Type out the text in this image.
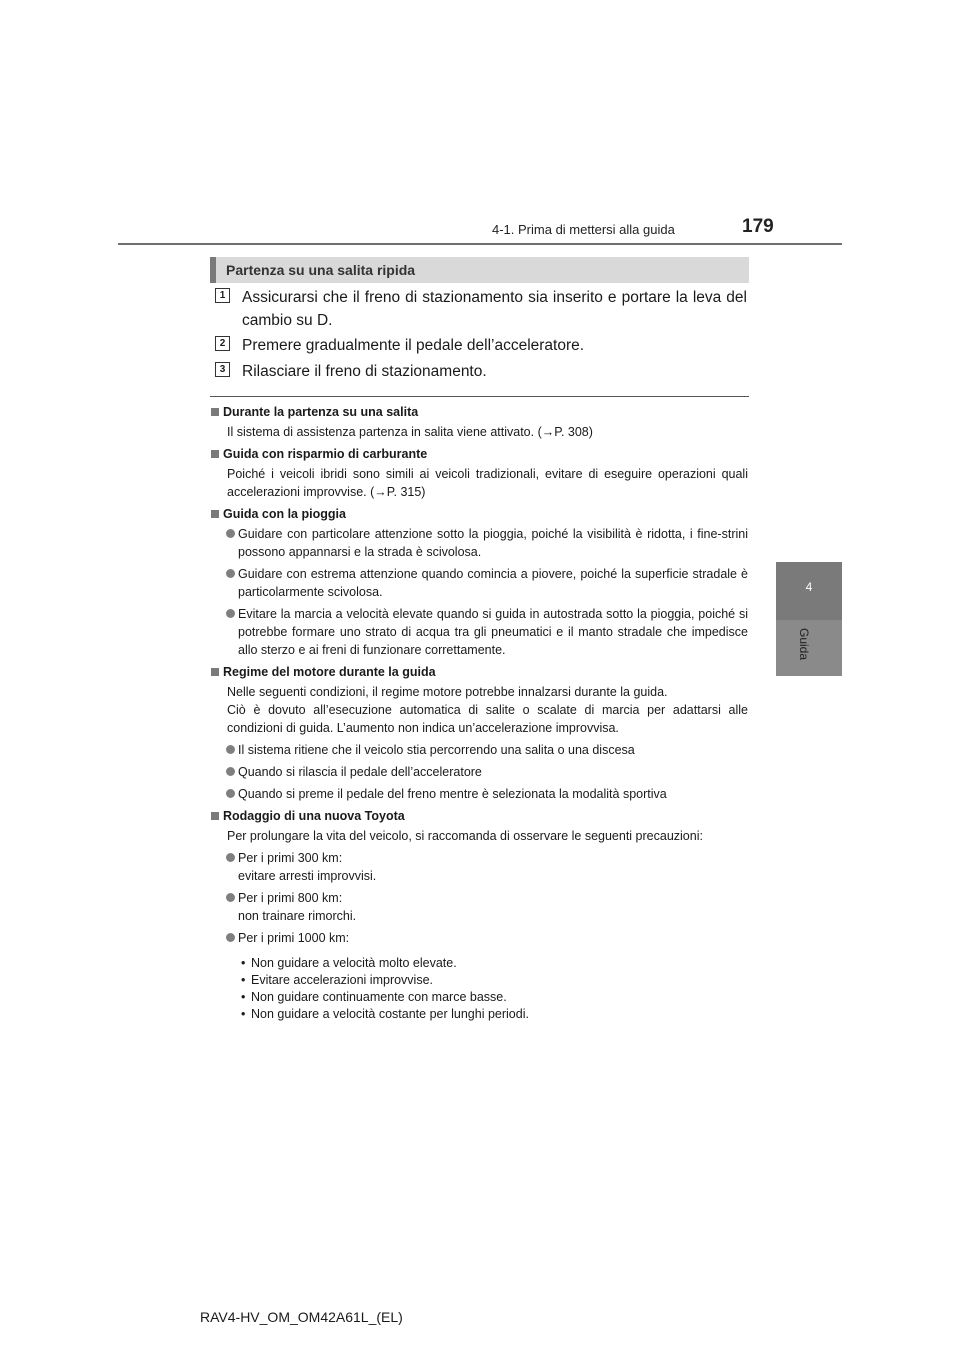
4-1. Prima di mettersi alla guida	179
4
Guida
Partenza su una salita ripida
1	Assicurarsi che il freno di stazionamento sia inserito e portare la leva del cambio su D.
2	Premere gradualmente il pedale dell’acceleratore.
3	Rilasciare il freno di stazionamento.
Durante la partenza su una salita
Il sistema di assistenza partenza in salita viene attivato. (→P. 308)
Guida con risparmio di carburante
Poiché i veicoli ibridi sono simili ai veicoli tradizionali, evitare di eseguire operazioni quali accelerazioni improvvise. (→P. 315)
Guida con la pioggia
Guidare con particolare attenzione sotto la pioggia, poiché la visibilità è ridotta, i fine-strini possono appannarsi e la strada è scivolosa.
Guidare con estrema attenzione quando comincia a piovere, poiché la superficie stradale è particolarmente scivolosa.
Evitare la marcia a velocità elevate quando si guida in autostrada sotto la pioggia, poiché si potrebbe formare uno strato di acqua tra gli pneumatici e il manto stradale che impedisce allo sterzo e ai freni di funzionare correttamente.
Regime del motore durante la guida
Nelle seguenti condizioni, il regime motore potrebbe innalzarsi durante la guida.
Ciò è dovuto all’esecuzione automatica di salite o scalate di marcia per adattarsi alle condizioni di guida. L’aumento non indica un’accelerazione improvvisa.
Il sistema ritiene che il veicolo stia percorrendo una salita o una discesa
Quando si rilascia il pedale dell’acceleratore
Quando si preme il pedale del freno mentre è selezionata la modalità sportiva
Rodaggio di una nuova Toyota
Per prolungare la vita del veicolo, si raccomanda di osservare le seguenti precauzioni:
Per i primi 300 km:
evitare arresti improvvisi.
Per i primi 800 km:
non trainare rimorchi.
Per i primi 1000 km:
• Non guidare a velocità molto elevate.
• Evitare accelerazioni improvvise.
• Non guidare continuamente con marce basse.
• Non guidare a velocità costante per lunghi periodi.
RAV4-HV_OM_OM42A61L_(EL)
